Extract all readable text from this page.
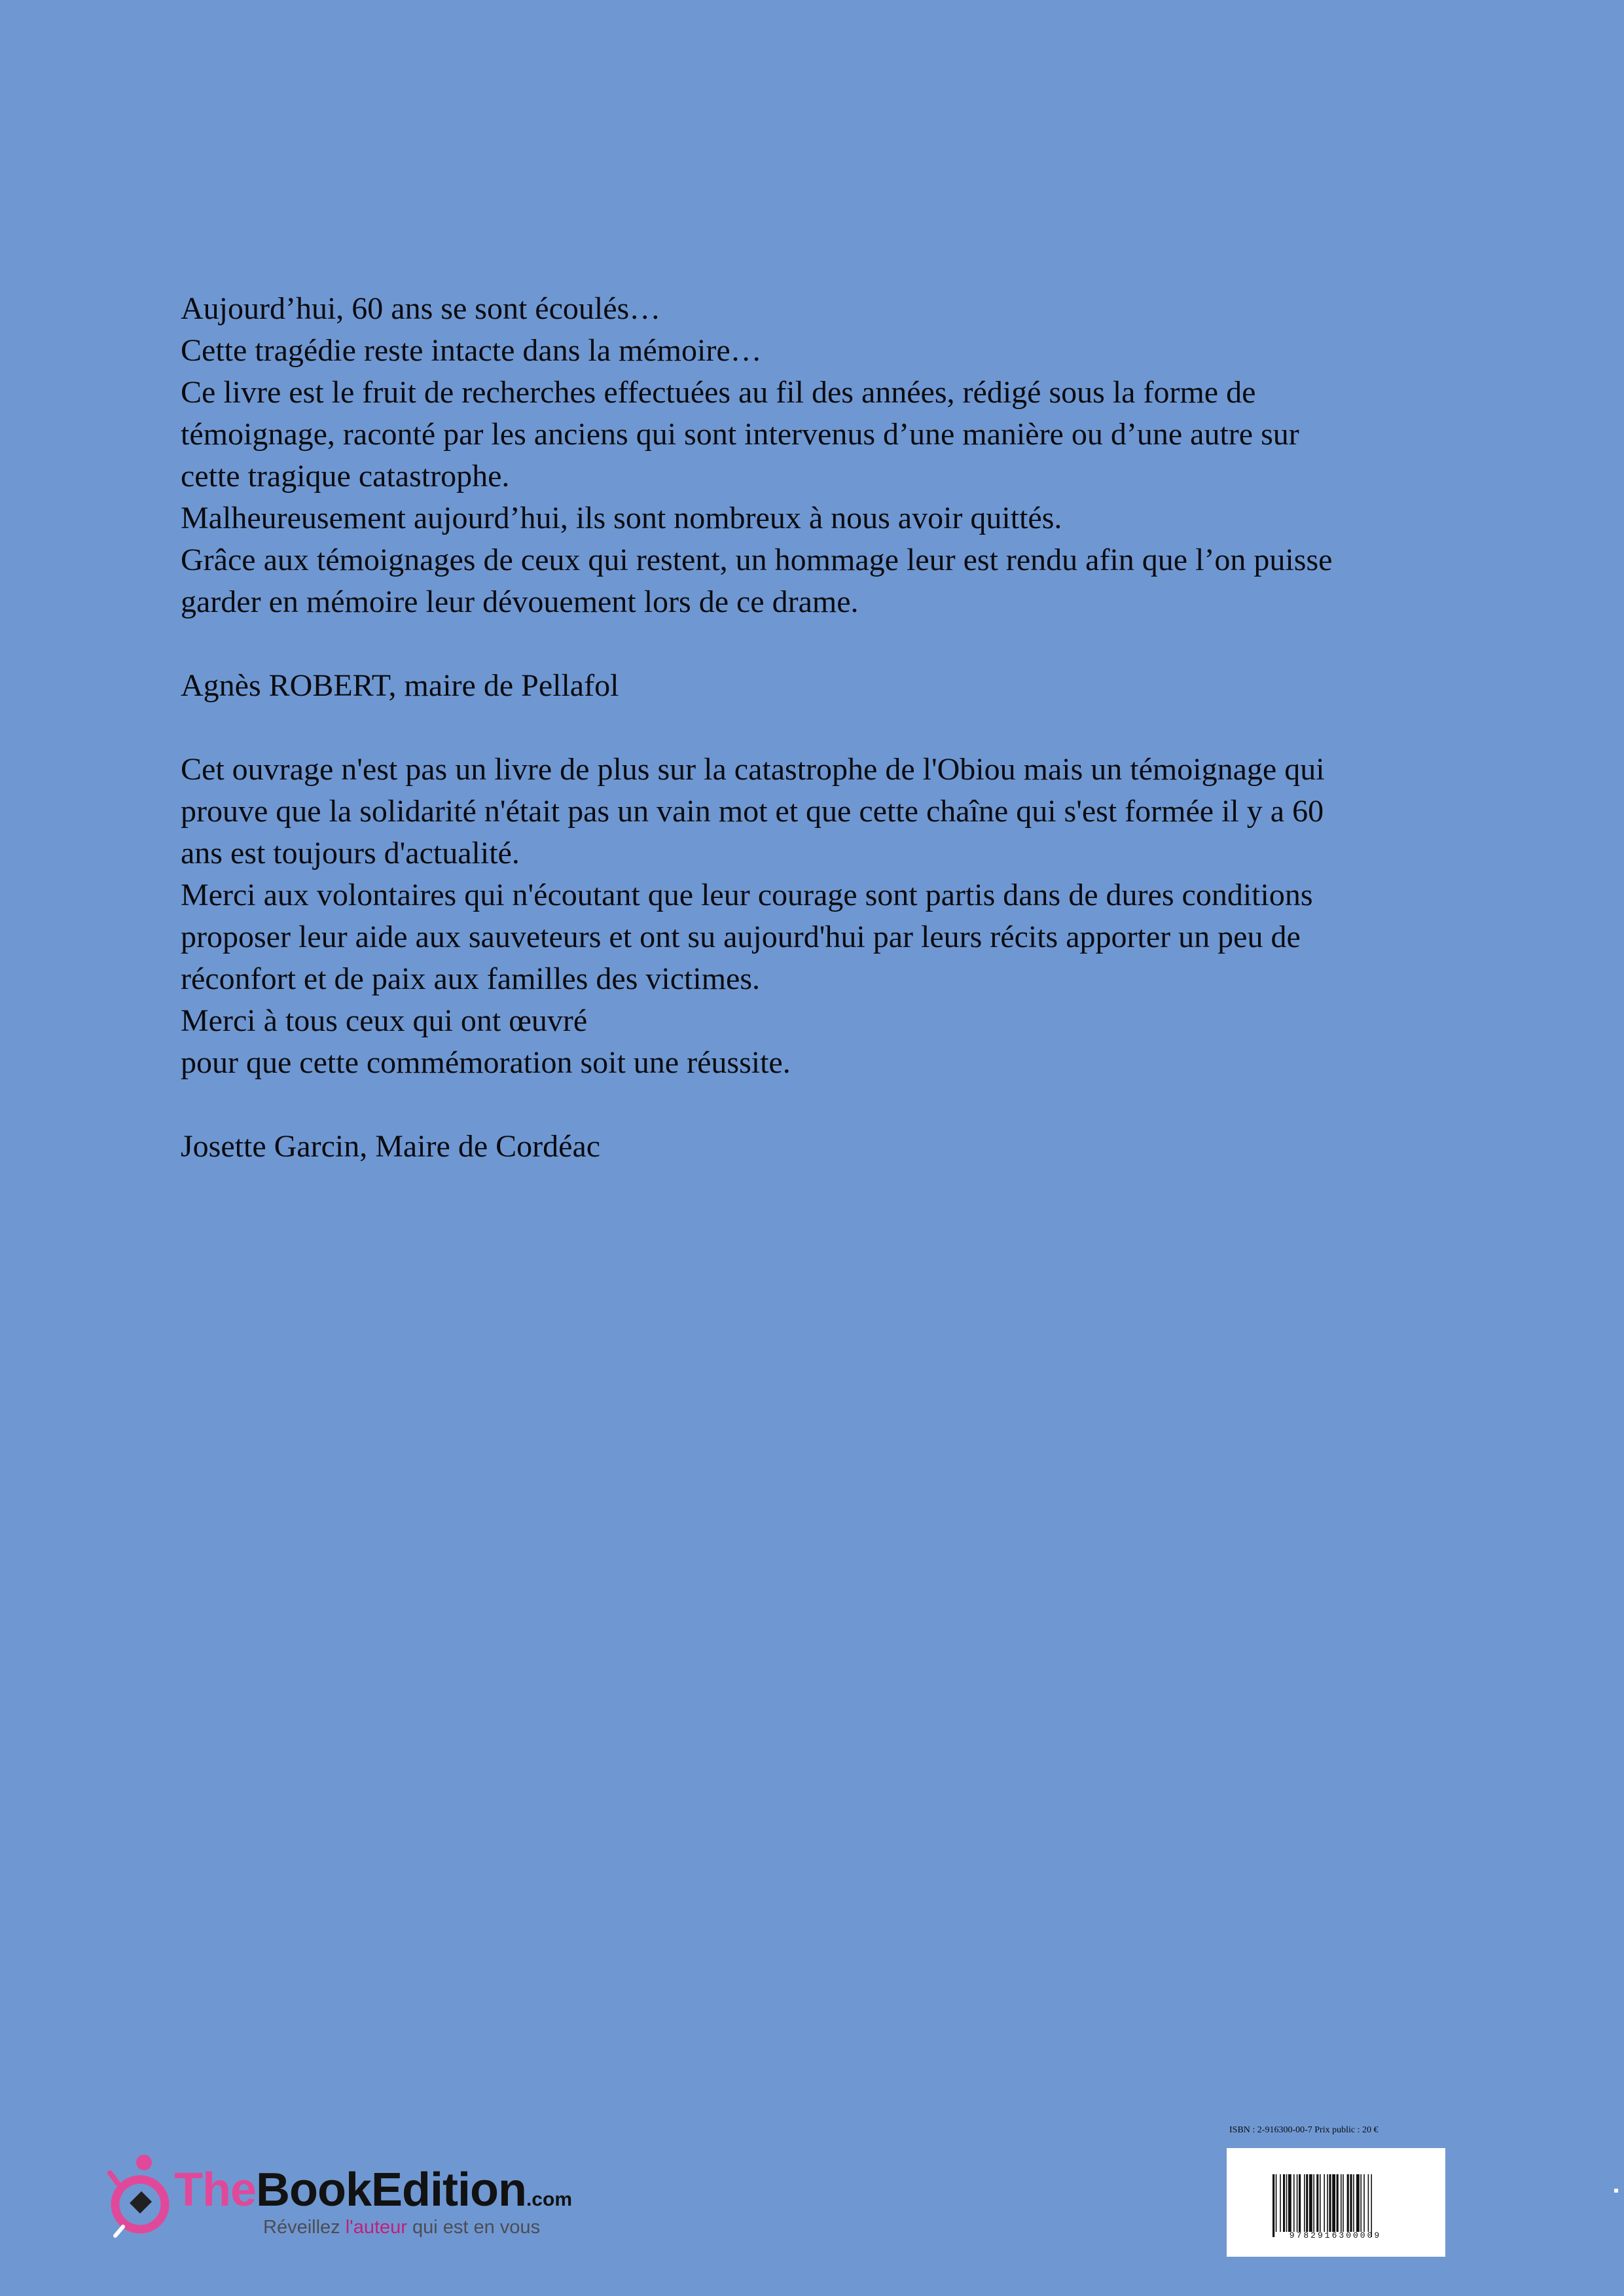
Aujourd’hui, 60 ans se sont écoulés…
Cette tragédie reste intacte dans la mémoire…
Ce livre est le fruit de recherches effectuées au fil des années, rédigé sous la forme de
témoignage, raconté par les anciens qui sont intervenus d’une manière ou d’une autre sur
cette tragique catastrophe.
Malheureusement aujourd’hui, ils sont nombreux à nous avoir quittés.
Grâce aux témoignages de ceux qui restent, un hommage leur est rendu afin que l’on puisse
garder en mémoire leur dévouement lors de ce drame.
Agnès ROBERT, maire de Pellafol
Cet ouvrage n'est pas un livre de plus sur la catastrophe de l'Obiou mais un témoignage qui
prouve que la solidarité n'était pas un vain mot et que cette chaîne qui s'est formée il y a 60
ans est toujours d'actualité.
Merci aux volontaires qui n'écoutant que leur courage sont partis dans de dures conditions
proposer leur aide aux sauveteurs et ont su aujourd'hui par leurs récits apporter un peu de
réconfort et de paix aux familles des victimes.
Merci à tous ceux qui ont œuvré
pour que cette commémoration soit une réussite.
Josette Garcin, Maire de Cordéac
TheBookEdition.com
Réveillez l'auteur qui est en vous
ISBN : 2-916300-00-7 Prix public : 20 €
9782916300009
